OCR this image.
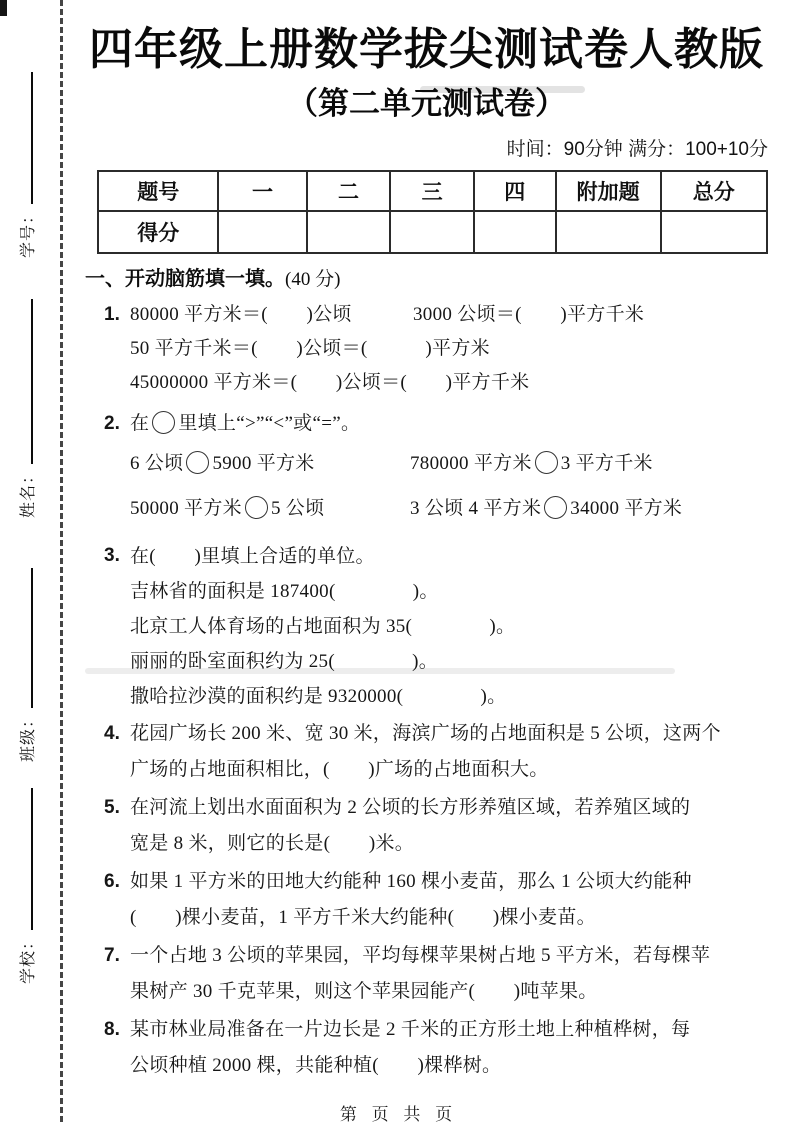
学号：
姓名：
班级：
学校：
四年级上册数学拔尖测试卷人教版
（第二单元测试卷）
时间：90分钟 满分：100+10分
题号	一	二	三	四	附加题	总分
得分						
一、开动脑筋填一填。(40 分)
1. 80000 平方米＝(　　)公顷	3000 公顷＝(　　)平方千米
50 平方千米＝(　　)公顷＝(　　　)平方米
45000000 平方米＝(　　)公顷＝(　　)平方千米
2. 在 里填上“>”“<”或“=”。
6 公顷 5900 平方米	780000 平方米 3 平方千米
50000 平方米 5 公顷	3 公顷 4 平方米 34000 平方米
3. 在(　　)里填上合适的单位。
吉林省的面积是 187400(　　　　)。
北京工人体育场的占地面积为 35(　　　　)。
丽丽的卧室面积约为 25(　　　　)。
撒哈拉沙漠的面积约是 9320000(　　　　)。
4. 花园广场长 200 米、宽 30 米，海滨广场的占地面积是 5 公顷，这两个
广场的占地面积相比，(　　)广场的占地面积大。
5. 在河流上划出水面面积为 2 公顷的长方形养殖区域，若养殖区域的
宽是 8 米，则它的长是(　　)米。
6. 如果 1 平方米的田地大约能种 160 棵小麦苗，那么 1 公顷大约能种
(　　)棵小麦苗，1 平方千米大约能种(　　)棵小麦苗。
7. 一个占地 3 公顷的苹果园，平均每棵苹果树占地 5 平方米，若每棵苹
果树产 30 千克苹果，则这个苹果园能产(　　)吨苹果。
8. 某市林业局准备在一片边长是 2 千米的正方形土地上种植桦树，每
公顷种植 2000 棵，共能种植(　　)棵桦树。
第 页 共 页
